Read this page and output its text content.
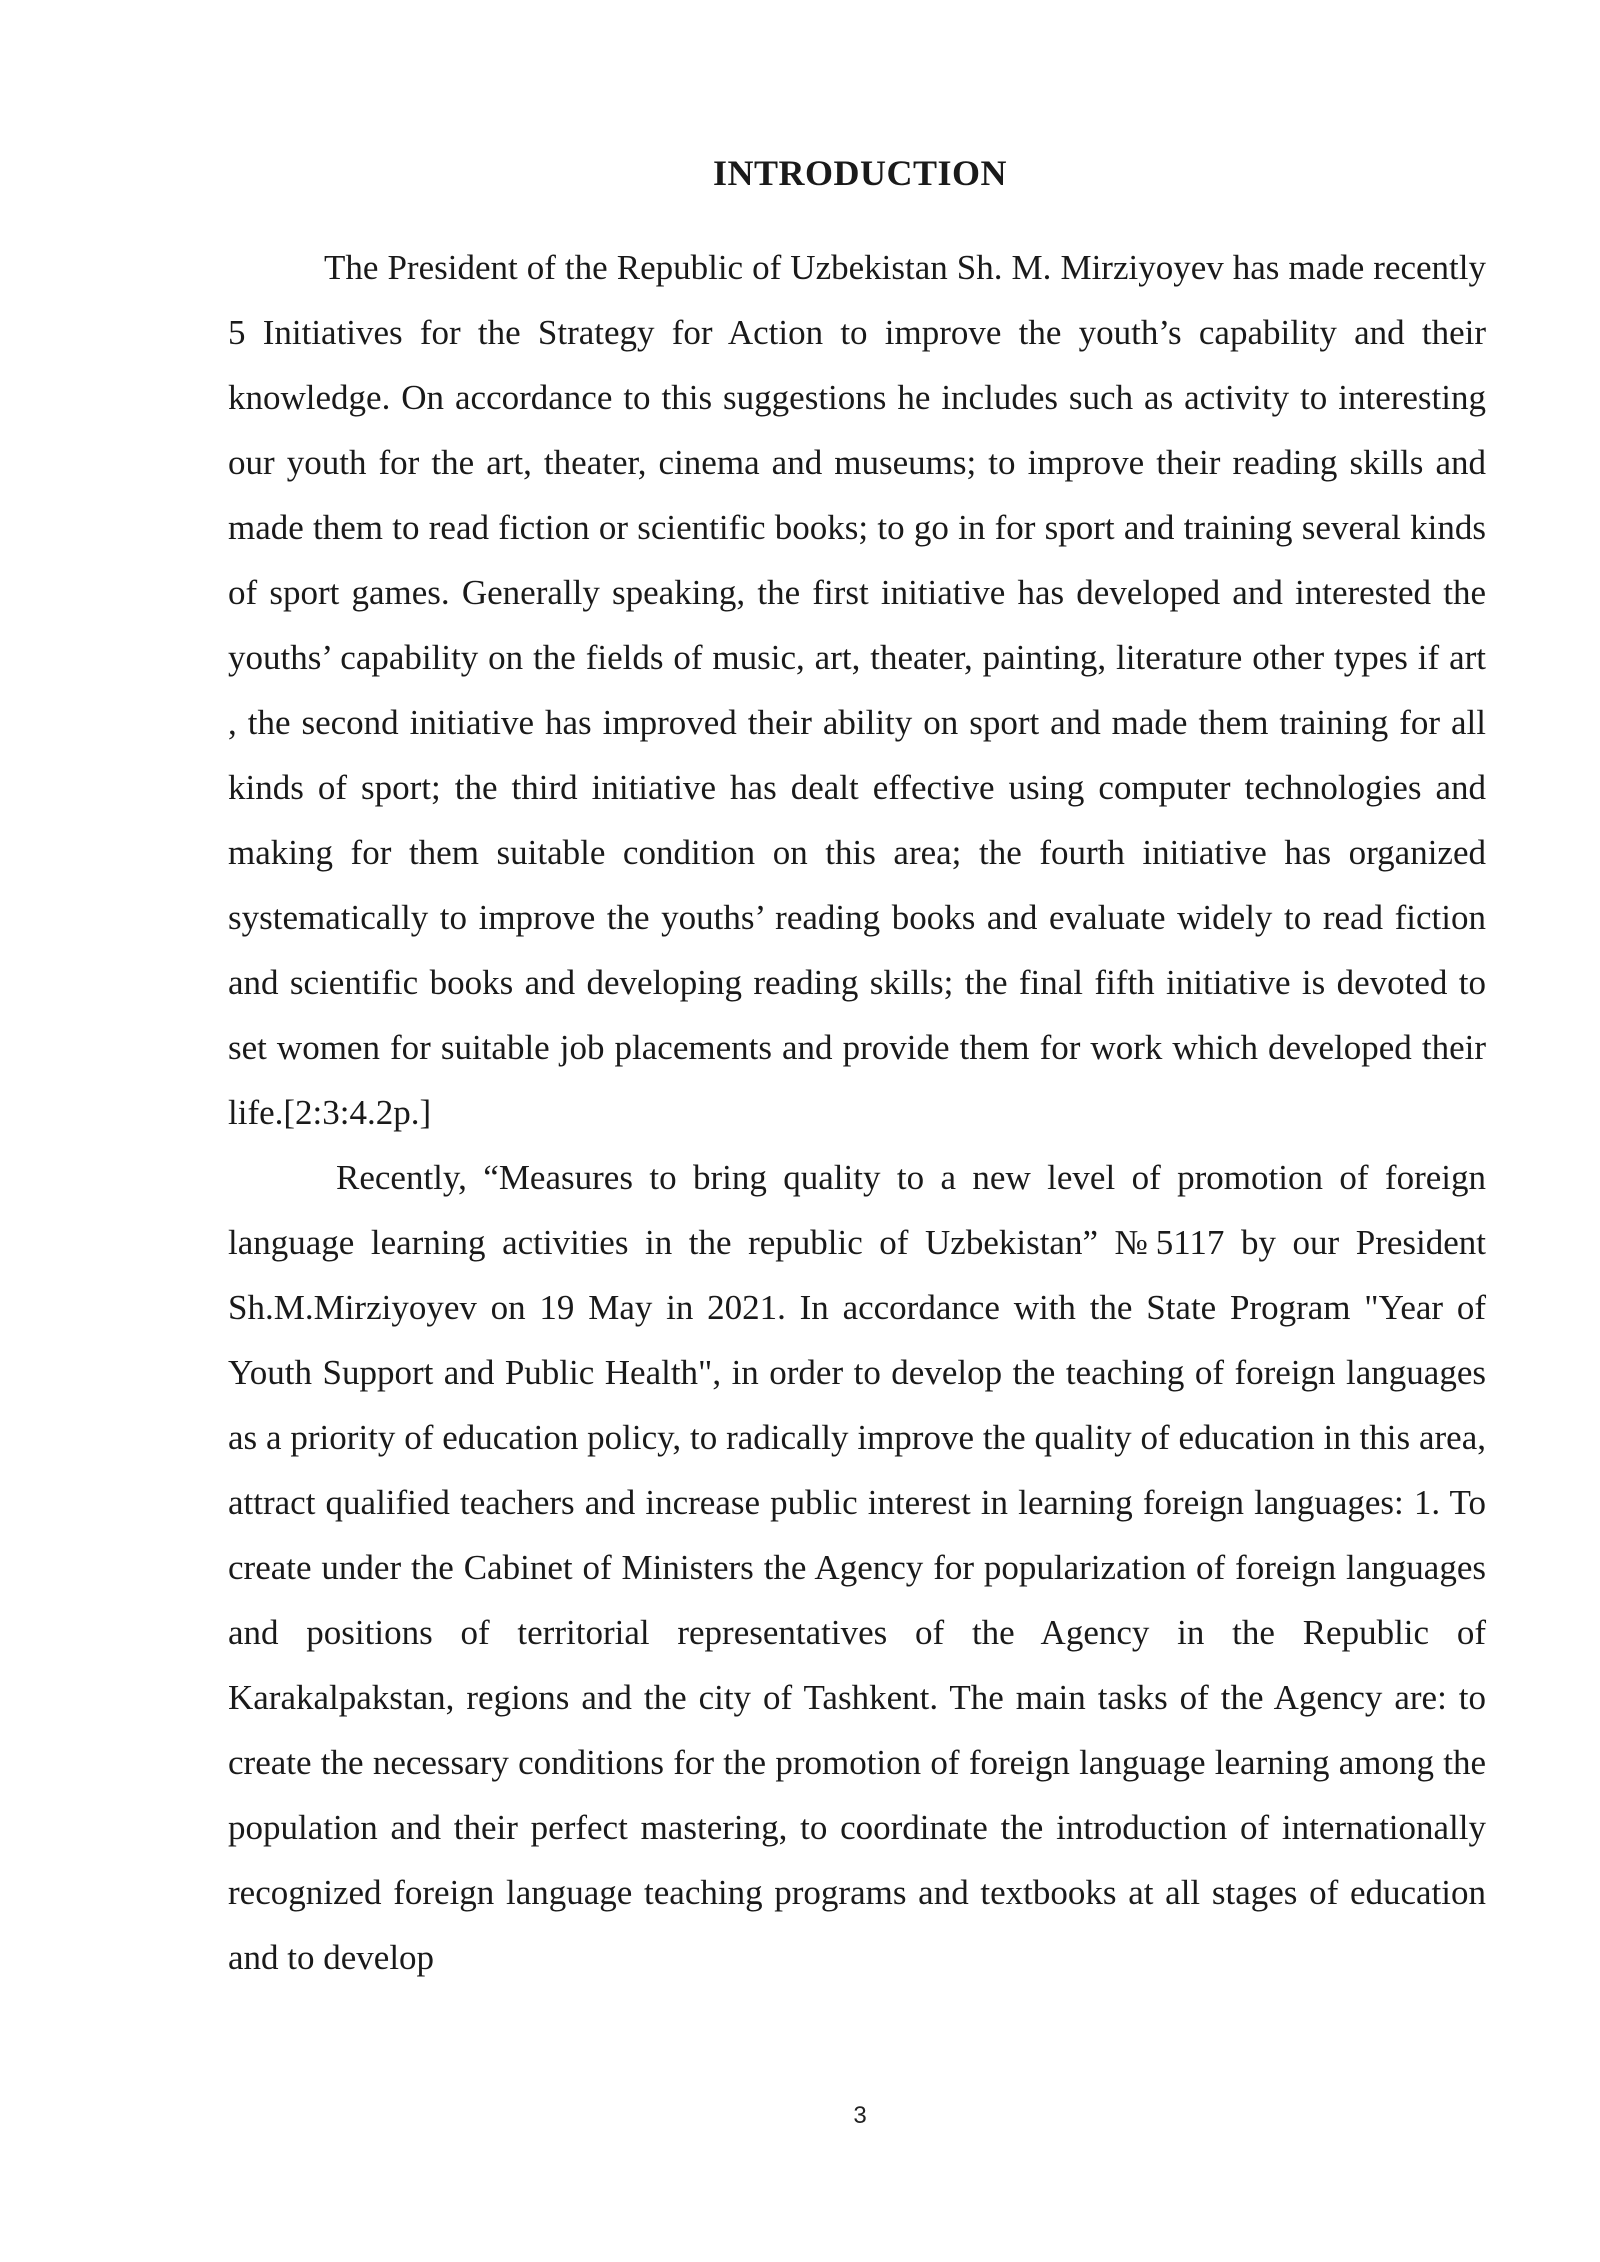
INTRODUCTION

The President of the Republic of Uzbekistan Sh. M. Mirziyoyev has made recently 5 Initiatives for the Strategy for Action to improve the youth’s capability and their knowledge. On accordance to this suggestions he includes such as activity to interesting our youth for the art, theater, cinema and museums; to improve their reading skills and made them to read fiction or scientific books; to go in for sport and training several kinds of sport games. Generally speaking, the first initiative has developed and interested the youths’ capability on the fields of music, art, theater, painting, literature other types if art , the second initiative has improved their ability on sport and made them training for all kinds of sport; the third initiative has dealt effective using computer technologies and making for them suitable condition on this area; the fourth initiative has organized systematically to improve the youths’ reading books and evaluate widely to read fiction and scientific books and developing reading skills; the final fifth initiative is devoted to set women for suitable job placements and provide them for work which developed their life.[2:3:4.2p.]

Recently, “Measures to bring quality to a new level of promotion of foreign language learning activities in the republic of Uzbekistan” №5117 by our President Sh.M.Mirziyoyev on 19 May in 2021. In accordance with the State Program "Year of Youth Support and Public Health", in order to develop the teaching of foreign languages as a priority of education policy, to radically improve the quality of education in this area, attract qualified teachers and increase public interest in learning foreign languages: 1. To create under the Cabinet of Ministers the Agency for popularization of foreign languages and positions of territorial representatives of the Agency in the Republic of Karakalpakstan, regions and the city of Tashkent. The main tasks of the Agency are: to create the necessary conditions for the promotion of foreign language learning among the population and their perfect mastering, to coordinate the introduction of internationally recognized foreign language teaching programs and textbooks at all stages of education and to develop

3
